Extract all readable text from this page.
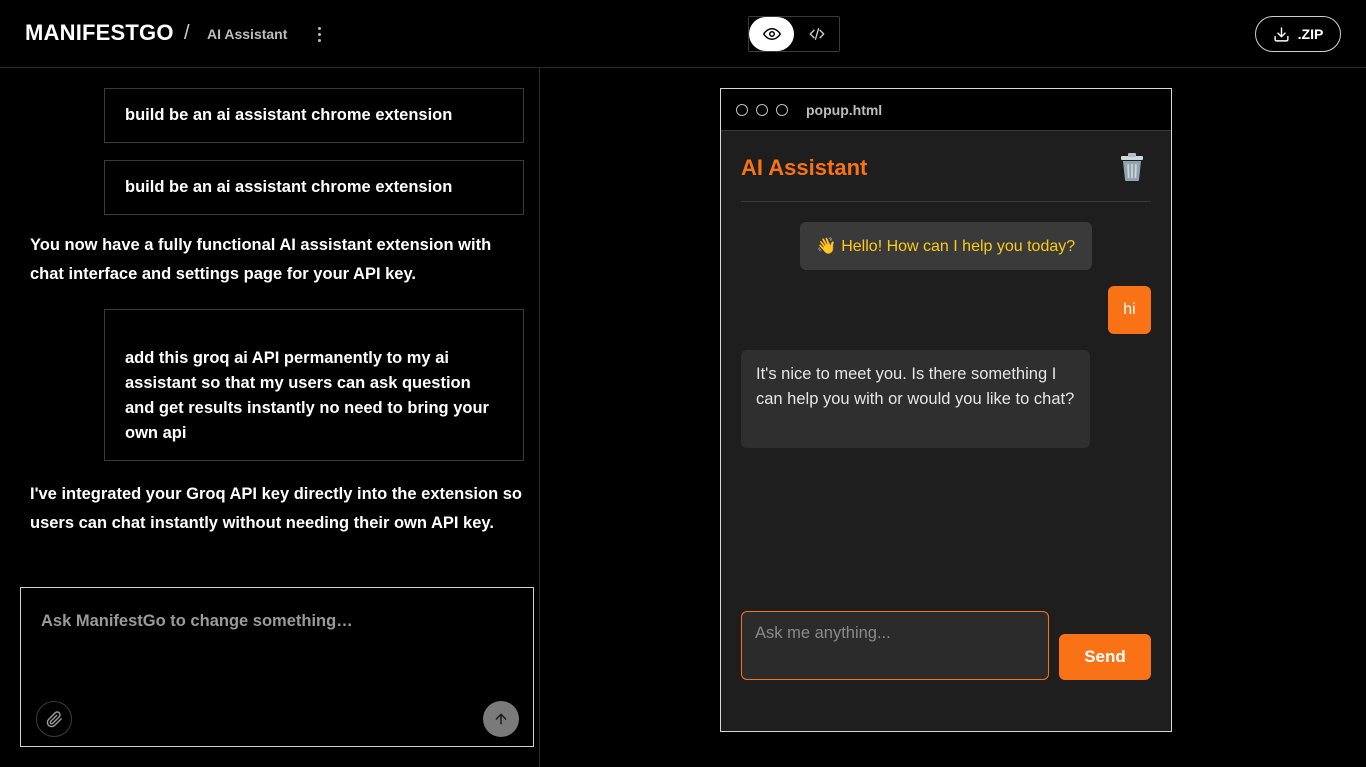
MANIFESTGO / AI Assistant	.ZIP
build be an ai assistant chrome extension
build be an ai assistant chrome extension
You now have a fully functional AI assistant extension with chat interface and settings page for your API key.
add this groq ai API permanently to my ai assistant so that my users can ask question and get results instantly no need to bring your own api
I've integrated your Groq API key directly into the extension so users can chat instantly without needing their own API key.
Ask ManifestGo to change something…
popup.html
AI Assistant
👋 Hello! How can I help you today?
hi
It's nice to meet you. Is there something I can help you with or would you like to chat?
Ask me anything...
Send
